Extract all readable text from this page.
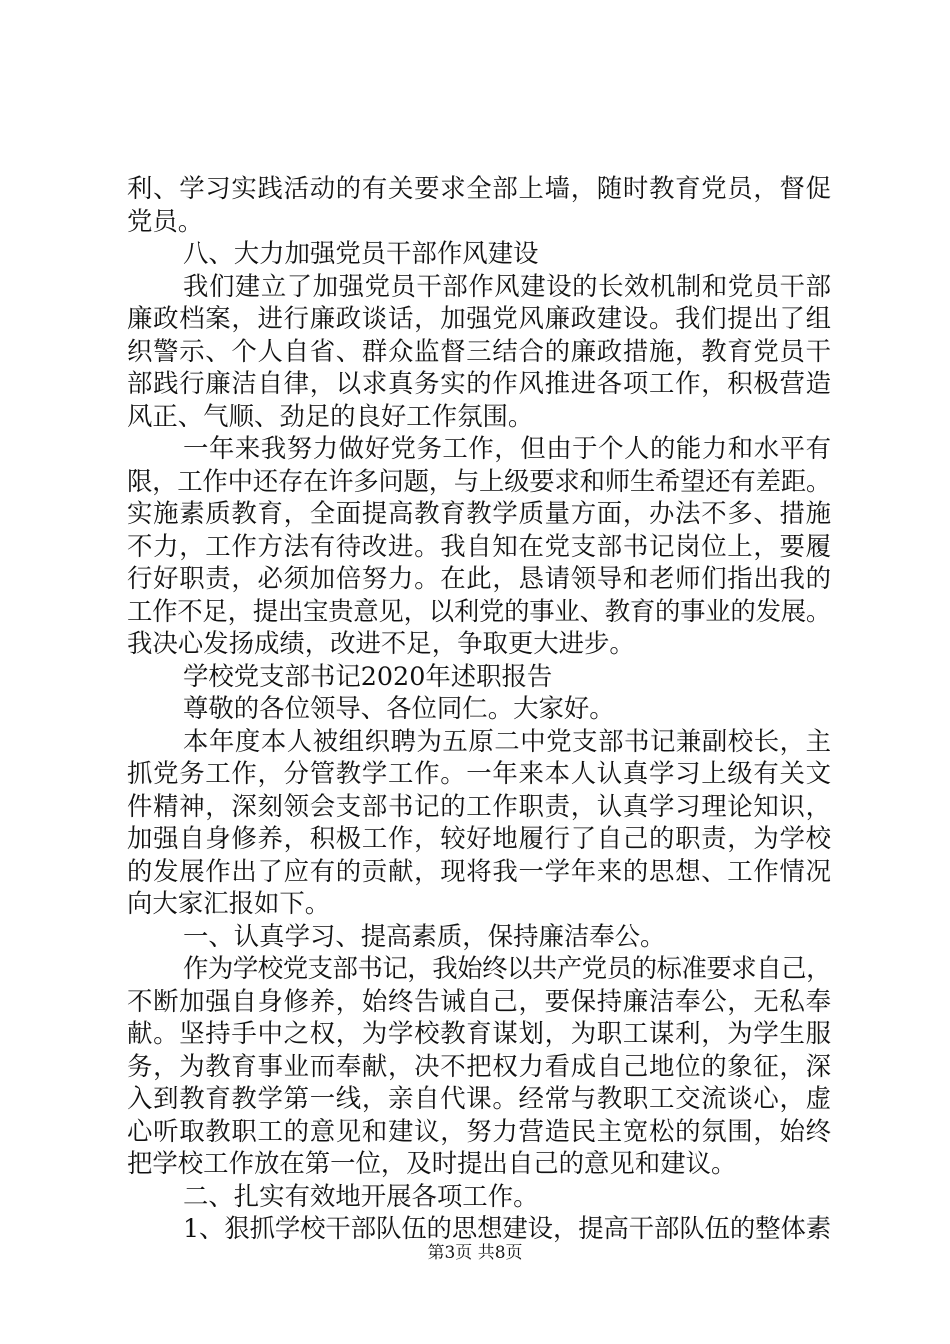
利、学习实践活动的有关要求全部上墙，随时教育党员，督促
党员。
八、大力加强党员干部作风建设
我们建立了加强党员干部作风建设的长效机制和党员干部
廉政档案，进行廉政谈话，加强党风廉政建设。我们提出了组
织警示、个人自省、群众监督三结合的廉政措施，教育党员干
部践行廉洁自律，以求真务实的作风推进各项工作，积极营造
风正、气顺、劲足的良好工作氛围。
一年来我努力做好党务工作，但由于个人的能力和水平有
限，工作中还存在许多问题，与上级要求和师生希望还有差距。
实施素质教育，全面提高教育教学质量方面，办法不多、措施
不力，工作方法有待改进。我自知在党支部书记岗位上，要履
行好职责，必须加倍努力。在此，恳请领导和老师们指出我的
工作不足，提出宝贵意见，以利党的事业、教育的事业的发展。
我决心发扬成绩，改进不足，争取更大进步。
学校党支部书记2020年述职报告
尊敬的各位领导、各位同仁。大家好。
本年度本人被组织聘为五原二中党支部书记兼副校长，主
抓党务工作，分管教学工作。一年来本人认真学习上级有关文
件精神，深刻领会支部书记的工作职责，认真学习理论知识，
加强自身修养，积极工作，较好地履行了自己的职责，为学校
的发展作出了应有的贡献，现将我一学年来的思想、工作情况
向大家汇报如下。
一、认真学习、提高素质，保持廉洁奉公。
作为学校党支部书记，我始终以共产党员的标准要求自己，
不断加强自身修养，始终告诫自己，要保持廉洁奉公，无私奉
献。坚持手中之权，为学校教育谋划，为职工谋利，为学生服
务，为教育事业而奉献，决不把权力看成自己地位的象征，深
入到教育教学第一线，亲自代课。经常与教职工交流谈心，虚
心听取教职工的意见和建议，努力营造民主宽松的氛围，始终
把学校工作放在第一位，及时提出自己的意见和建议。
二、扎实有效地开展各项工作。
1、狠抓学校干部队伍的思想建设，提高干部队伍的整体素
第3页 共8页
